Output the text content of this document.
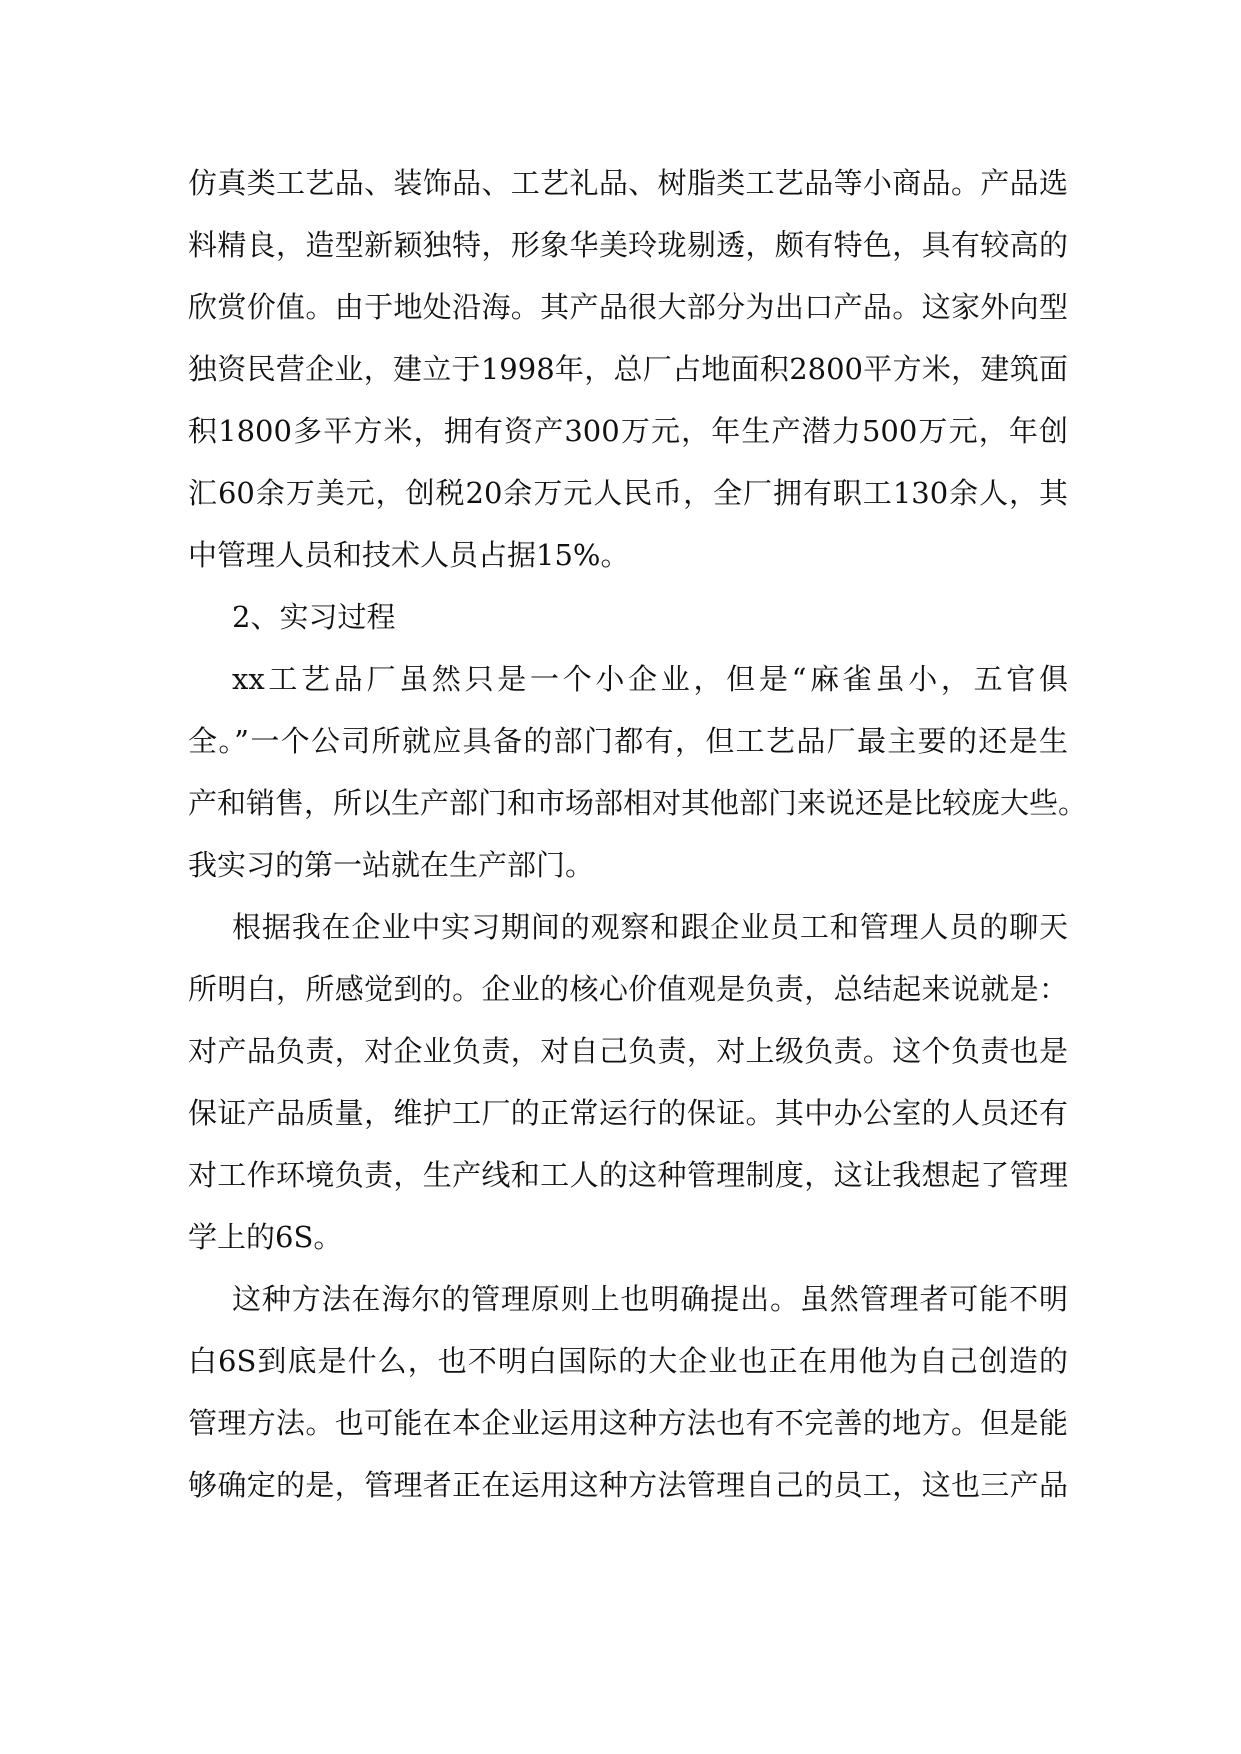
仿真类工艺品、装饰品、工艺礼品、树脂类工艺品等小商品。产品选
料精良，造型新颖独特，形象华美玲珑剔透，颇有特色，具有较高的
欣赏价值。由于地处沿海。其产品很大部分为出口产品。这家外向型
独资民营企业，建立于1998年，总厂占地面积2800平方米，建筑面
积1800多平方米，拥有资产300万元，年生产潜力500万元，年创
汇60余万美元，创税20余万元人民币，全厂拥有职工130余人，其
中管理人员和技术人员占据15%。
2、实习过程
xx工艺品厂虽然只是一个小企业，但是“麻雀虽小，五官俱
全。”一个公司所就应具备的部门都有，但工艺品厂最主要的还是生
产和销售，所以生产部门和市场部相对其他部门来说还是比较庞大些。
我实习的第一站就在生产部门。
根据我在企业中实习期间的观察和跟企业员工和管理人员的聊天
所明白，所感觉到的。企业的核心价值观是负责，总结起来说就是：
对产品负责，对企业负责，对自己负责，对上级负责。这个负责也是
保证产品质量，维护工厂的正常运行的保证。其中办公室的人员还有
对工作环境负责，生产线和工人的这种管理制度，这让我想起了管理
学上的6S。
这种方法在海尔的管理原则上也明确提出。虽然管理者可能不明
白6S到底是什么，也不明白国际的大企业也正在用他为自己创造的
管理方法。也可能在本企业运用这种方法也有不完善的地方。但是能
够确定的是，管理者正在运用这种方法管理自己的员工，这也三产品
